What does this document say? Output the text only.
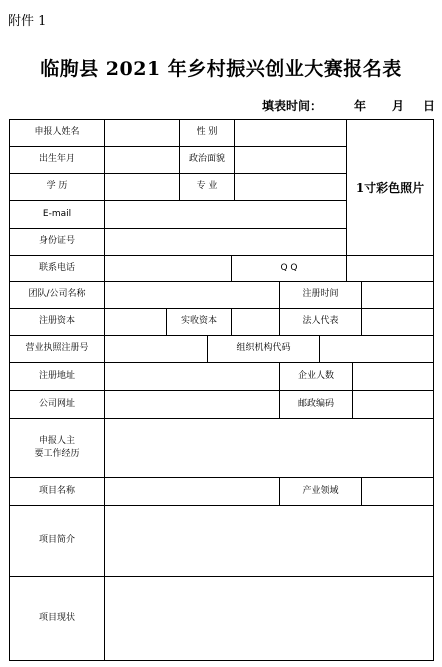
附件 1
临朐县 2021 年乡村振兴创业大赛报名表
填表时间：	年 月 日
申报人姓名	性 别
1寸彩色照片
出生年月	政治面貌
学 历	专 业
E-mail
身份证号
联系电话	Q Q
团队/公司名称	注册时间
注册资本	实收资本	法人代表
营业执照注册号	组织机构代码
注册地址	企业人数
公司网址	邮政编码
申报人主
要工作经历
项目名称	产业领域
项目简介
项目现状
